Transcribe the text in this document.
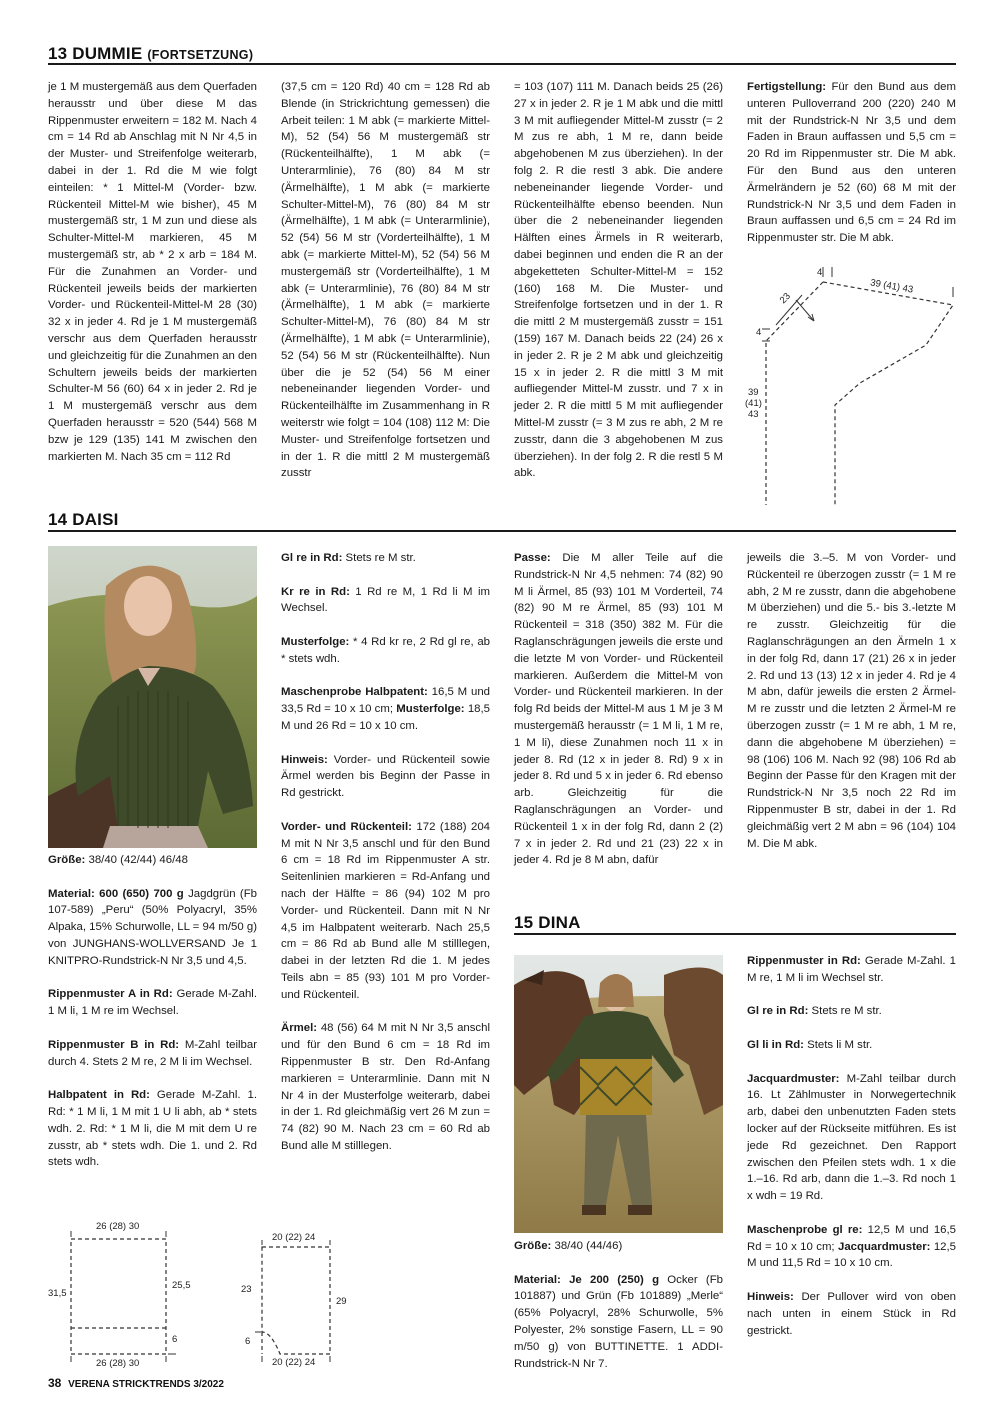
13 DUMMIE (FORTSETZUNG)

je 1 M mustergemäß aus dem Querfaden herausstr und über diese M das Rippenmuster erweitern = 182 M. Nach 4 cm = 14 Rd ab Anschlag mit N Nr 4,5 in der Muster- und Streifenfolge weiterarb, dabei in der 1. Rd die M wie folgt einteilen: * 1 Mittel-M (Vorder- bzw. Rückenteil Mittel-M wie bisher), 45 M mustergemäß str, 1 M zun und diese als Schulter-Mittel-M markieren, 45 M mustergemäß str, ab * 2 x arb = 184 M. Für die Zunahmen an Vorder- und Rückenteil jeweils beids der markierten Vorder- und Rückenteil-Mittel-M 28 (30) 32 x in jeder 4. Rd je 1 M mustergemäß verschr aus dem Querfaden herausstr und gleichzeitig für die Zunahmen an den Schultern jeweils beids der markierten Schulter-M 56 (60) 64 x in jeder 2. Rd je 1 M mustergemäß verschr aus dem Querfaden herausstr = 520 (544) 568 M bzw je 129 (135) 141 M zwischen den markierten M. Nach 35 cm = 112 Rd

(37,5 cm = 120 Rd) 40 cm = 128 Rd ab Blende (in Strickrichtung gemessen) die Arbeit teilen: 1 M abk (= markierte Mittel-M), 52 (54) 56 M mustergemäß str (Rückenteilhälfte), 1 M abk (= Unterarmlinie), 76 (80) 84 M str (Ärmelhälfte), 1 M abk (= markierte Schulter-Mittel-M), 76 (80) 84 M str (Ärmelhälfte), 1 M abk (= Unterarmlinie), 52 (54) 56 M str (Vorderteilhälfte), 1 M abk (= markierte Mittel-M), 52 (54) 56 M mustergemäß str (Vorderteilhälfte), 1 M abk (= Unterarmlinie), 76 (80) 84 M str (Ärmelhälfte), 1 M abk (= markierte Schulter-Mittel-M), 76 (80) 84 M str (Ärmelhälfte), 1 M abk (= Unterarmlinie), 52 (54) 56 M str (Rückenteilhälfte). Nun über die je 52 (54) 56 M einer nebeneinander liegenden Vorder- und Rückenteilhälfte im Zusammenhang in R weiterstr wie folgt = 104 (108) 112 M: Die Muster- und Streifenfolge fortsetzen und in der 1. R die mittl 2 M mustergemäß zusstr

= 103 (107) 111 M. Danach beids 25 (26) 27 x in jeder 2. R je 1 M abk und die mittl 3 M mit aufliegender Mittel-M zusstr (= 2 M zus re abh, 1 M re, dann beide abgehobenen M zus überziehen). In der folg 2. R die restl 3 abk. Die andere nebeneinander liegende Vorder- und Rückenteilhälfte ebenso beenden. Nun über die 2 nebeneinander liegenden Hälften eines Ärmels in R weiterarb, dabei beginnen und enden die R an der abgeketteten Schulter-Mittel-M = 152 (160) 168 M. Die Muster- und Streifenfolge fortsetzen und in der 1. R die mittl 2 M mustergemäß zusstr = 151 (159) 167 M. Danach beids 22 (24) 26 x in jeder 2. R je 2 M abk und gleichzeitig 15 x in jeder 2. R die mittl 3 M mit aufliegender Mittel-M zusstr. und 7 x in jeder 2. R die mittl 5 M mit aufliegender Mittel-M zusstr (= 3 M zus re abh, 2 M re zusstr, dann die 3 abgehobenen M zus überziehen). In der folg 2. R die restl 5 M abk.

Fertigstellung: Für den Bund aus dem unteren Pulloverrand 200 (220) 240 M mit der Rundstrick-N Nr 3,5 und dem Faden in Braun auffassen und 5,5 cm = 20 Rd im Rippenmuster str. Die M abk. Für den Bund aus den unteren Ärmelrändern je 52 (60) 68 M mit der Rundstrick-N Nr 3,5 und dem Faden in Braun auffassen und 6,5 cm = 24 Rd im Rippenmuster str. Die M abk.

4
23
39 (41) 43
4
39
(41)
43
14 DAISI

Größe: 38/40 (42/44) 46/48

Material: 600 (650) 700 g Jagdgrün (Fb 107-589) „Peru“ (50% Polyacryl, 35% Alpaka, 15% Schurwolle, LL = 94 m/50 g) von JUNGHANS-WOLLVERSAND Je 1 KNITPRO-Rundstrick-N Nr 3,5 und 4,5.

Rippenmuster A in Rd: Gerade M-Zahl. 1 M li, 1 M re im Wechsel.

Rippenmuster B in Rd: M-Zahl teilbar durch 4. Stets 2 M re, 2 M li im Wechsel.

Halbpatent in Rd: Gerade M-Zahl. 1. Rd: * 1 M li, 1 M mit 1 U li abh, ab * stets wdh. 2. Rd: * 1 M li, die M mit dem U re zusstr, ab * stets wdh. Die 1. und 2. Rd stets wdh.

Gl re in Rd: Stets re M str.

Kr re in Rd: 1 Rd re M, 1 Rd li M im Wechsel.

Musterfolge: * 4 Rd kr re, 2 Rd gl re, ab * stets wdh.

Maschenprobe Halbpatent: 16,5 M und 33,5 Rd = 10 x 10 cm; Musterfolge: 18,5 M und 26 Rd = 10 x 10 cm.

Hinweis: Vorder- und Rückenteil sowie Ärmel werden bis Beginn der Passe in Rd gestrickt.

Vorder- und Rückenteil: 172 (188) 204 M mit N Nr 3,5 anschl und für den Bund 6 cm = 18 Rd im Rippenmuster A str. Seitenlinien markieren = Rd-Anfang und nach der Hälfte = 86 (94) 102 M pro Vorder- und Rückenteil. Dann mit N Nr 4,5 im Halbpatent weiterarb. Nach 25,5 cm = 86 Rd ab Bund alle M stilllegen, dabei in der letzten Rd die 1. M jedes Teils abn = 85 (93) 101 M pro Vorder- und Rückenteil.

Ärmel: 48 (56) 64 M mit N Nr 3,5 anschl und für den Bund 6 cm = 18 Rd im Rippenmuster B str. Den Rd-Anfang markieren = Unterarmlinie. Dann mit N Nr 4 in der Musterfolge weiterarb, dabei in der 1. Rd gleichmäßig vert 26 M zun = 74 (82) 90 M. Nach 23 cm = 60 Rd ab Bund alle M stilllegen.

Passe: Die M aller Teile auf die Rundstrick-N Nr 4,5 nehmen: 74 (82) 90 M li Ärmel, 85 (93) 101 M Vorderteil, 74 (82) 90 M re Ärmel, 85 (93) 101 M Rückenteil = 318 (350) 382 M. Für die Raglanschrägungen jeweils die erste und die letzte M von Vorder- und Rückenteil markieren. Außerdem die Mittel-M von Vorder- und Rückenteil markieren. In der folg Rd beids der Mittel-M aus 1 M je 3 M mustergemäß herausstr (= 1 M li, 1 M re, 1 M li), diese Zunahmen noch 11 x in jeder 8. Rd (12 x in jeder 8. Rd) 9 x in jeder 8. Rd und 5 x in jeder 6. Rd ebenso arb. Gleichzeitig für die Raglanschrägungen an Vorder- und Rückenteil 1 x in der folg Rd, dann 2 (2) 7 x in jeder 2. Rd und 21 (23) 22 x in jeder 4. Rd je 8 M abn, dafür

jeweils die 3.–5. M von Vorder- und Rückenteil re überzogen zusstr (= 1 M re abh, 2 M re zusstr, dann die abgehobene M überziehen) und die 5.- bis 3.-letzte M re zusstr. Gleichzeitig für die Raglanschrägungen an den Ärmeln 1 x in der folg Rd, dann 17 (21) 26 x in jeder 2. Rd und 13 (13) 12 x in jeder 4. Rd je 4 M abn, dafür jeweils die ersten 2 Ärmel-M re zusstr und die letzten 2 Ärmel-M re überzogen zusstr (= 1 M re abh, 1 M re, dann die abgehobene M überziehen) = 98 (106) 106 M. Nach 92 (98) 106 Rd ab Beginn der Passe für den Kragen mit der Rundstrick-N Nr 3,5 noch 22 Rd im Rippenmuster B str, dabei in der 1. Rd gleichmäßig vert 2 M abn = 96 (104) 104 M. Die M abk.

26 (28) 30
31,5
25,5
6
26 (28) 30
20 (22) 24
23
29
6
20 (22) 24
15 DINA

Größe: 38/40 (44/46)

Material: Je 200 (250) g Ocker (Fb 101887) und Grün (Fb 101889) „Merle“ (65% Polyacryl, 28% Schurwolle, 5% Polyester, 2% sonstige Fasern, LL = 90 m/50 g) von BUTTINETTE. 1 ADDI-Rundstrick-N Nr 7.

Rippenmuster in Rd: Gerade M-Zahl. 1 M re, 1 M li im Wechsel str.

Gl re in Rd: Stets re M str.

Gl li in Rd: Stets li M str.

Jacquardmuster: M-Zahl teilbar durch 16. Lt Zählmuster in Norwegertechnik arb, dabei den unbenutzten Faden stets locker auf der Rückseite mitführen. Es ist jede Rd gezeichnet. Den Rapport zwischen den Pfeilen stets wdh. 1 x die 1.–16. Rd arb, dann die 1.–3. Rd noch 1 x wdh = 19 Rd.

Maschenprobe gl re: 12,5 M und 16,5 Rd = 10 x 10 cm; Jacquardmuster: 12,5 M und 11,5 Rd = 10 x 10 cm.

Hinweis: Der Pullover wird von oben nach unten in einem Stück in Rd gestrickt.

38 VERENA STRICKTRENDS 3/2022
